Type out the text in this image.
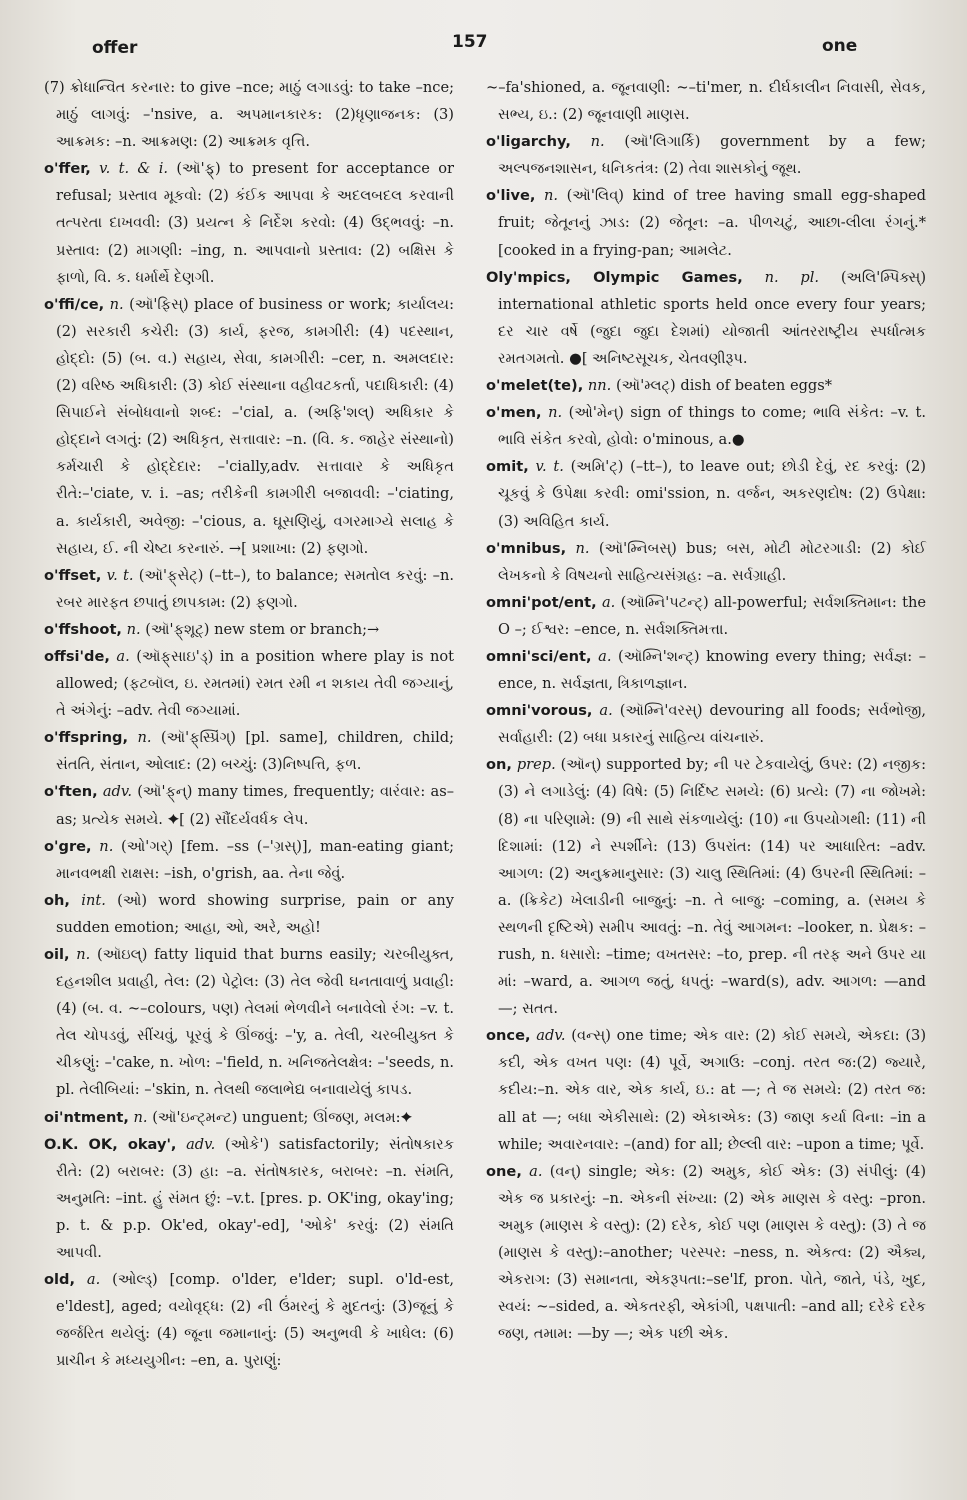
offer	157	one

(7) ક્રોધાન્વિત કરનાર: to give –nce; માઠું લગાડવું: to take –nce; માઠું લાગવું: –'nsive, a. અપમાનકારક: (2)ધૃણાજનક: (3) આક્રમક: –n. આક્રમણ: (2) આક્રમક વૃત્તિ.

o'ffer, v. t. & i. (ઑ'ફ્ર્) to present for acceptance or refusal; પ્રસ્તાવ મૂકવો: (2) કંઈક આપવા કે અદલબદલ કરવાની તત્પરતા દાખવવી: (3) પ્રયત્ન કે નિર્દેશ કરવો: (4) ઉદ્ભવવું: –n. પ્રસ્તાવ: (2) માગણી: –ing, n. આપવાનો પ્રસ્તાવ: (2) બક્ષિસ કે ફાળો, વિ. ક. ધર્માર્થે દેણગી.

o'ffi/ce, n. (ઑ'ફિસ્) place of business or work; કાર્યાલય: (2) સરકારી કચેરી: (3) કાર્ય, ફરજ, કામગીરી: (4) પદસ્થાન, હોદ્દો: (5) (બ. વ.) સહાય, સેવા, કામગીરી: –cer, n. અમલદાર: (2) વરિષ્ઠ અધિકારી: (3) કોઈ સંસ્થાના વહીવટકર્તા, પદાધિકારી: (4) સિપાઈને સંબોધવાનો શબ્દ: –'cial, a. (અફિ'શલ્) અધિકાર કે હોદ્દાને લગતું: (2) અધિકૃત, સત્તાવાર: –n. (વિ. ક. જાહેર સંસ્થાનો) કર્મચારી કે હોદ્દેદાર: –'cially,adv. સત્તાવાર કે અધિકૃત રીતે:–'ciate, v. i. –as; તરીકેની કામગીરી બજાવવી: –'ciating, a. કાર્યકારી, અવેજી: –'cious, a. ઘૂસણિયું, વગરમાગ્યે સલાહ કે સહાય, ઈ. ની ચેષ્ટા કરનારું. →[ પ્રશાખા: (2) ફણગો.

o'ffset, v. t. (ઑ'ફ્‌સેટ્) (–tt–), to balance; સમતોલ કરવું: –n. રબર મારફત છપાતું છાપકામ: (2) ફણગો.

o'ffshoot, n. (ઑ'ફ્‌શૂટ્) new stem or branch;→

offsi'de, a. (ઑફ્‌સાઇ'ડ્) in a position where play is not allowed; (ફટબૉલ, ઇ. રમતમાં) રમત રમી ન શકાય તેવી જગ્યાનું, તે અંગેનું: –adv. તેવી જગ્યામાં.

o'ffspring, n. (ઑ'ફ્‌સ્પ્રિંગ્) [pl. same], children, child; સંતતિ, સંતાન, ઓલાદ: (2) બચ્ચું: (3)નિષ્પત્તિ, ફળ.

o'ften, adv. (ઑ'ફ્‌ન્) many times, frequently; વારંવાર: as–as; પ્રત્યેક સમયે. ✦[ (2) સૌંદર્યવર્ધક લેપ.

o'gre, n. (ઓ'ગર્) [fem. –ss (–'ગ્રસ્)], man-eating giant; માનવભક્ષી રાક્ષસ: –ish, o'grish, aa. તેના જેવું.

oh, int. (ઓ) word showing surprise, pain or any sudden emotion; આહા, ઓ, અરે, અહો!

oil, n. (ઑઇલ્) fatty liquid that burns easily; ચરબીયુક્ત, દહનશીલ પ્રવાહી, તેલ: (2) પેટ્રોલ: (3) તેલ જેવી ઘનતાવાળું પ્રવાહી: (4) (બ. વ. ~–colours, પણ) તેલમાં ભેળવીને બનાવેલો રંગ: –v. t. તેલ ચોપડવું, સીંચવું, પૂરવું કે ઊંજવું: –'y, a. તેલી, ચરબીયુક્ત કે ચીકણું: –'cake, n. ખોળ: –'field, n. ખનિજતેલક્ષેત્ર: –'seeds, n. pl. તેલીબિયાં: –'skin, n. તેલથી જલાભેદ્ય બનાવાયેલું કાપડ.

oi'ntment, n. (ઑ'ઇન્ટ્‌મન્ટ) unguent; ઊંજણ, મલમ:✦

O.K. OK, okay', adv. (ઓકે') satisfactorily; સંતોષકારક રીતે: (2) બરાબર: (3) હા: –a. સંતોષકારક, બરાબર: –n. સંમતિ, અનુમતિ: –int. હું સંમત છું: –v.t. [pres. p. OK'ing, okay'ing; p. t. & p.p. Ok'ed, okay'-ed], 'ઓકે' કરવું: (2) સંમતિ આપવી.

old, a. (ઓલ્ડ્) [comp. o'lder, e'lder; supl. o'ld-est, e'ldest], aged; વયોવૃદ્ધ: (2) ની ઉંમરનું કે મુદતનું: (3)જૂનું કે જર્જરિત થયેલું: (4) જૂના જમાનાનું: (5) અનુભવી કે ખાધેલ: (6) પ્રાચીન કે મધ્યયુગીન: –en, a. પુરાણું:

~–fa'shioned, a. જૂનવાણી: ~–ti'mer, n. દીર્ઘકાલીન નિવાસી, સેવક, સભ્ય, ઇ.: (2) જૂનવાણી માણસ.

o'ligarchy, n. (ઑ'લિગાર્કિ) government by a few; અલ્પજનશાસન, ધનિકતંત્ર: (2) તેવા શાસકોનું જૂથ.

o'live, n. (ઑ'લિવ્) kind of tree having small egg-shaped fruit; જેતૂનનું ઝાડ: (2) જેતૂન: –a. પીળચટું, આછા-લીલા રંગનું.*[cooked in a frying-pan; આમલેટ.

Oly'mpics, Olympic Games, n. pl. (અલિ'મ્પિક્સ્) international athletic sports held once every four years; દર ચાર વર્ષે (જુદા જુદા દેશમાં) યોજાતી આંતરરાષ્ટ્રીય સ્પર્ધાત્મક રમતગમતો. ●[ અનિષ્ટસૂચક, ચેતવણીરૂપ.

o'melet(te), nn. (ઑ'મ્લટ્) dish of beaten eggs*

o'men, n. (ઓ'મેન્) sign of things to come; ભાવિ સંકેત: –v. t. ભાવિ સંકેત કરવો, હોવો: o'minous, a.●

omit, v. t. (અમિ'ટ્) (–tt–), to leave out; છોડી દેવું, રદ કરવું: (2) ચૂકવું કે ઉપેક્ષા કરવી: omi'ssion, n. વર્જન, અકરણદોષ: (2) ઉપેક્ષા: (3) અવિહિત કાર્ય.

o'mnibus, n. (ઑ'મ્નિબસ્) bus; બસ, મોટી મોટરગાડી: (2) કોઈ લેખકનો કે વિષયનો સાહિત્યસંગ્રહ: –a. સર્વગ્રાહી.

omni'pot/ent, a. (ઑમ્નિ'પટન્ટ્) all-powerful; સર્વશક્તિમાન: the O –; ઈશ્વર: –ence, n. સર્વશક્તિમત્તા.

omni'sci/ent, a. (ઑમ્નિ'શન્ટ્) knowing every thing; સર્વજ્ઞ: –ence, n. સર્વજ્ઞતા, ત્રિકાળજ્ઞાન.

omni'vorous, a. (ઑમ્નિ'વરસ્) devouring all foods; સર્વભોજી, સર્વાહારી: (2) બધા પ્રકારનું સાહિત્ય વાંચનારું.

on, prep. (ઑન્) supported by; ની પર ટેકવાયેલું, ઉપર: (2) નજીક: (3) ને લગાડેલું: (4) વિષે: (5) નિર્દિષ્ટ સમયે: (6) પ્રત્યે: (7) ના જોખમે: (8) ના પરિણામે: (9) ની સાથે સંકળાયેલું: (10) ના ઉપયોગથી: (11) ની દિશામાં: (12) ને સ્પર્શીને: (13) ઉપરાંત: (14) પર આધારિત: –adv. આગળ: (2) અનુક્રમાનુસાર: (3) ચાલુ સ્થિતિમાં: (4) ઉપરની સ્થિતિમાં: –a. (ક્રિકેટ) ખેલાડીની બાજુનું: –n. તે બાજુ: –coming, a. (સમય કે સ્થળની દૃષ્ટિએ) સમીપ આવતું: –n. તેવું આગમન: –looker, n. પ્રેક્ષક: –rush, n. ધસારો: –time; વખતસર: –to, prep. ની તરફ અને ઉપર યા માં: –ward, a. આગળ જતું, ધપતું: –ward(s), adv. આગળ: —and —; સતત.

once, adv. (વન્સ્) one time; એક વાર: (2) કોઈ સમયે, એકદા: (3) કદી, એક વખત પણ: (4) પૂર્વે, અગાઉ: –conj. તરત જ:(2) જ્યારે, કદીય:–n. એક વાર, એક કાર્ય, ઇ.: at —; તે જ સમયે: (2) તરત જ: all at —; બધા એકીસાથે: (2) એકાએક: (3) જાણ કર્યા વિના: –in a while; અવારનવાર: –(and) for all; છેલ્લી વાર: –upon a time; પૂર્વે.

one, a. (વન્) single; એક: (2) અમુક, કોઈ એક: (3) સંપીલું: (4) એક જ પ્રકારનું: –n. એકની સંખ્યા: (2) એક માણસ કે વસ્તુ: –pron. અમુક (માણસ કે વસ્તુ): (2) દરેક, કોઈ પણ (માણસ કે વસ્તુ): (3) તે જ (માણસ કે વસ્તુ):–another; પરસ્પર: –ness, n. એકત્વ: (2) ઐક્ય, એકરાગ: (3) સમાનતા, એકરૂપતા:–se'lf, pron. પોતે, જાતે, પંડે, ખુદ, સ્વયં: ~–sided, a. એકતરફી, એકાંગી, પક્ષપાતી: –and all; દરેકે દરેક જણ, તમામ: —by —; એક પછી એક.
